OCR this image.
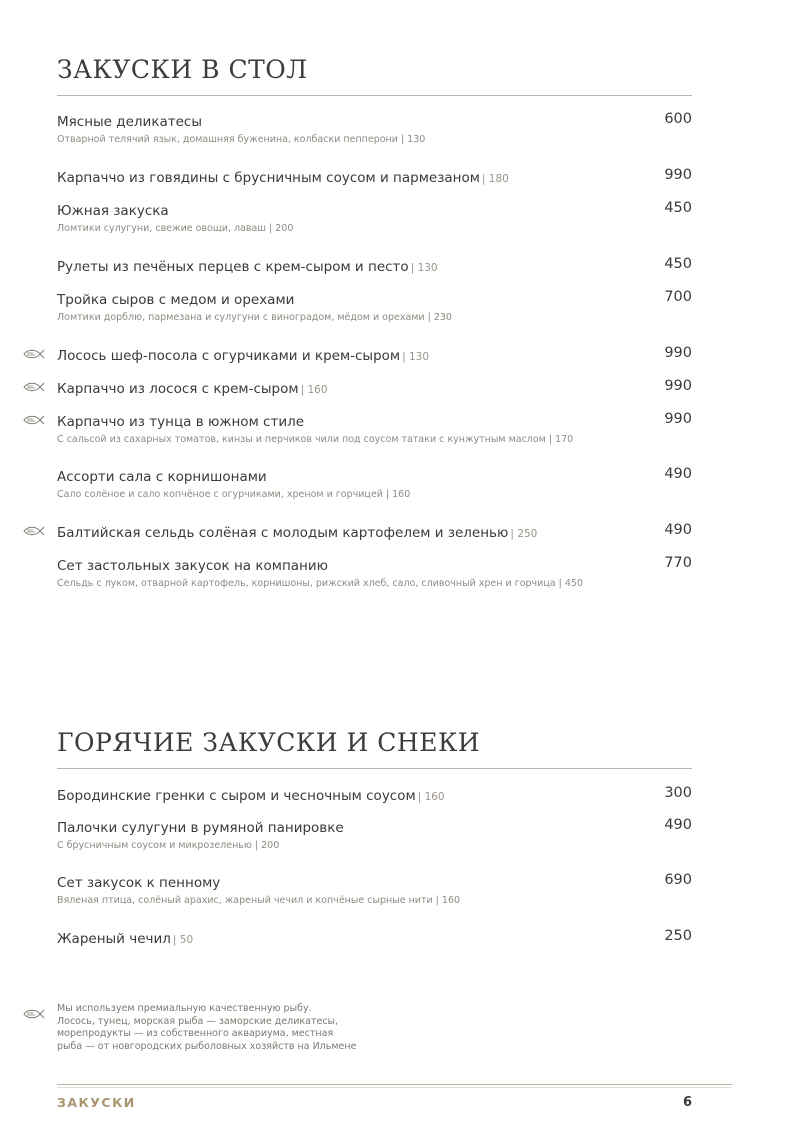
ЗАКУСКИ В СТОЛ
Мясные деликатесы
Отварной телячий язык, домашняя буженина, колбаски пепперони | 130
600
Карпаччо из говядины с брусничным соусом и пармезаном | 180	990
Южная закуска
Ломтики сулугуни, свежие овощи, лаваш | 200
450
Рулеты из печёных перцев с крем-сыром и песто | 130	450
Тройка сыров с медом и орехами
Ломтики дорблю, пармезана и сулугуни с виноградом, мёдом и орехами | 230
700
Лосось шеф-посола с огурчиками и крем-сыром | 130	990
Карпаччо из лосося с крем-сыром | 160	990
Карпаччо из тунца в южном стиле
С сальсой из сахарных томатов, кинзы и перчиков чили под соусом татаки с кунжутным маслом | 170
990
Ассорти сала с корнишонами
Сало солёное и сало копчёное с огурчиками, хреном и горчицей | 160
490
Балтийская сельдь солёная с молодым картофелем и зеленью | 250	490
Сет застольных закусок на компанию
Сельдь с луком, отварной картофель, корнишоны, рижский хлеб, сало, сливочный хрен и горчица | 450
770
ГОРЯЧИЕ ЗАКУСКИ И СНЕКИ
Бородинские гренки с сыром и чесночным соусом | 160	300
Палочки сулугуни в румяной панировке
С брусничным соусом и микрозеленью | 200
490
Сет закусок к пенному
Вяленая птица, солёный арахис, жареный чечил и копчёные сырные нити | 160
690
Жареный чечил | 50	250
Мы используем премиальную качественную рыбу.
Лосось, тунец, морская рыба — заморские деликатесы,
морепродукты — из собственного аквариума, местная
рыба — от новгородских рыболовных хозяйств на Ильмене
ЗАКУСКИ	6
